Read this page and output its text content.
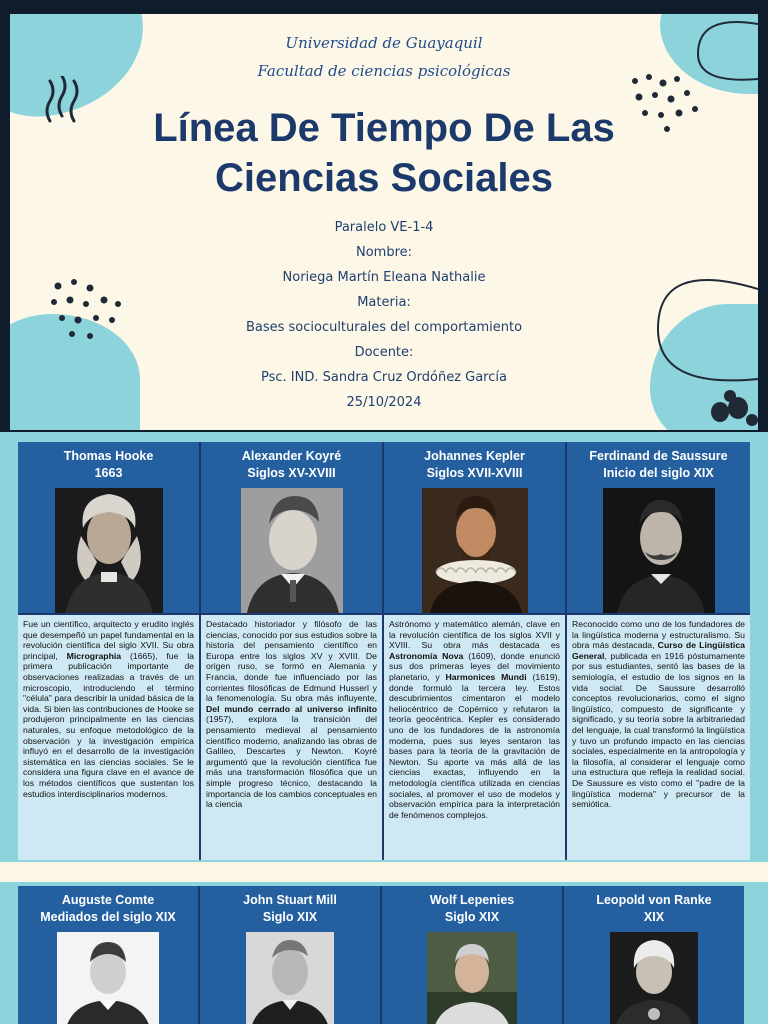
Universidad de Guayaquil
Facultad de ciencias psicológicas
Línea De Tiempo De Las
Ciencias Sociales
Paralelo VE-1-4
Nombre:
Noriega Martín Eleana Nathalie
Materia:
Bases socioculturales del comportamiento
Docente:
Psc. IND. Sandra Cruz Ordóñez García
25/10/2024
Thomas Hooke
1663
Fue un científico, arquitecto y erudito inglés que desempeñó un papel fundamental en la revolución científica del siglo XVII. Su obra principal, Micrographia (1665), fue la primera publicación importante de observaciones realizadas a través de un microscopio, introduciendo el término "célula" para describir la unidad básica de la vida. Si bien las contribuciones de Hooke se produjeron principalmente en las ciencias naturales, su enfoque metodológico de la observación y la investigación empírica influyó en el desarrollo de la investigación sistemática en las ciencias sociales. Se le considera una figura clave en el avance de los métodos científicos que sustentan los estudios interdisciplinarios modernos.
Alexander Koyré
Siglos XV-XVIII
Destacado historiador y filósofo de las ciencias, conocido por sus estudios sobre la historia del pensamiento científico en Europa entre los siglos XV y XVIII. De origen ruso, se formó en Alemania y Francia, donde fue influenciado por las corrientes filosóficas de Edmund Husserl y la fenomenología. Su obra más influyente, Del mundo cerrado al universo infinito (1957), explora la transición del pensamiento medieval al pensamiento científico moderno, analizando las obras de Galileo, Descartes y Newton. Koyré argumentó que la revolución científica fue más una transformación filosófica que un simple progreso técnico, destacando la importancia de los cambios conceptuales en la ciencia
Johannes Kepler
Siglos XVII-XVIII
Astrónomo y matemático alemán, clave en la revolución científica de los siglos XVII y XVIII. Su obra más destacada es Astronomía Nova (1609), donde enunció sus dos primeras leyes del movimiento planetario, y Harmonices Mundi (1619), donde formuló la tercera ley. Estos descubrimientos cimentaron el modelo heliocéntrico de Copérnico y refutaron la teoría geocéntrica. Kepler es considerado uno de los fundadores de la astronomía moderna, pues sus leyes sentaron las bases para la teoría de la gravitación de Newton. Su aporte va más allá de las ciencias exactas, influyendo en la metodología científica utilizada en ciencias sociales, al promover el uso de modelos y observación empírica para la interpretación de fenómenos complejos.
Ferdinand de Saussure
Inicio del siglo XIX
Reconocido como uno de los fundadores de la lingüística moderna y estructuralismo. Su obra más destacada, Curso de Lingüística General, publicada en 1916 póstumamente por sus estudiantes, sentó las bases de la semiología, el estudio de los signos en la vida social. De Saussure desarrolló conceptos revolucionarios, como el signo lingüístico, compuesto de significante y significado, y su teoría sobre la arbitrariedad del lenguaje, la cual transformó la lingüística y tuvo un profundo impacto en las ciencias sociales, especialmente en la antropología y la filosofía, al considerar el lenguaje como una estructura que refleja la realidad social. De Saussure es visto como el "padre de la lingüística moderna" y precursor de la semiótica.
Auguste Comte
Mediados del siglo XIX
John Stuart Mill
Siglo XIX
Wolf Lepenies
Siglo XIX
Leopold von Ranke
XIX
